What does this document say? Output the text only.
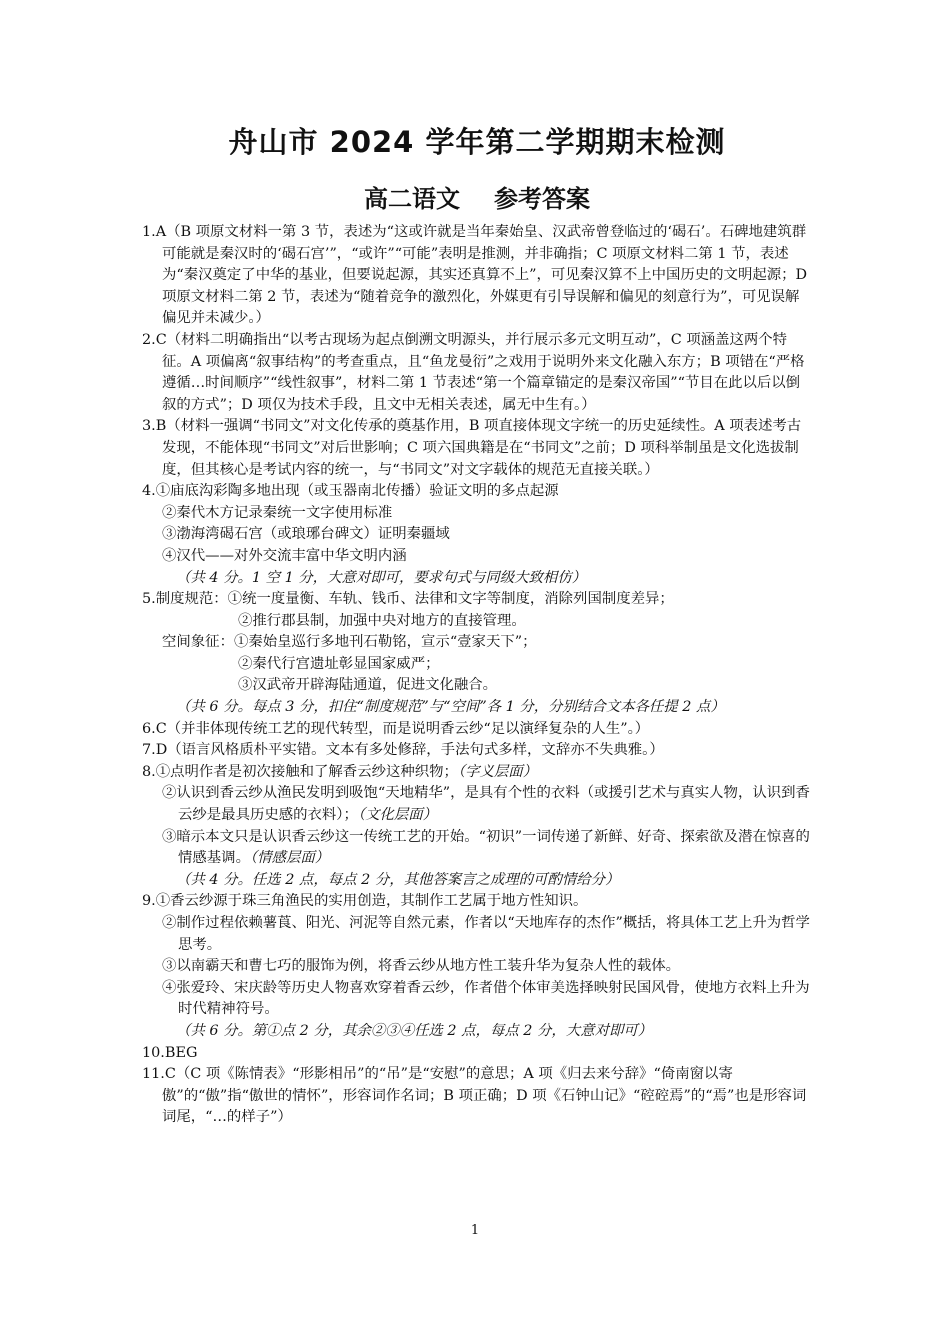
舟山市 2024 学年第二学期期末检测
高二语文 参考答案

1.A（B 项原文材料一第 3 节，表述为“这或许就是当年秦始皇、汉武帝曾登临过的‘碣石’。石碑地建筑群可能就是秦汉时的‘碣石宫’”，“或许”“可能”表明是推测，并非确指；C 项原文材料二第 1 节，表述为“秦汉奠定了中华的基业，但要说起源，其实还真算不上”，可见秦汉算不上中国历史的文明起源；D 项原文材料二第 2 节，表述为“随着竞争的激烈化，外媒更有引导误解和偏见的刻意行为”，可见误解偏见并未减少。）

2.C（材料二明确指出“以考古现场为起点倒溯文明源头，并行展示多元文明互动”，C 项涵盖这两个特征。A 项偏离“叙事结构”的考查重点，且“鱼龙曼衍”之戏用于说明外来文化融入东方；B 项错在“严格遵循…时间顺序”“线性叙事”，材料二第 1 节表述“第一个篇章锚定的是秦汉帝国”“节目在此以后以倒叙的方式”；D 项仅为技术手段，且文中无相关表述，属无中生有。）

3.B（材料一强调“书同文”对文化传承的奠基作用，B 项直接体现文字统一的历史延续性。A 项表述考古发现，不能体现“书同文”对后世影响；C 项六国典籍是在“书同文”之前；D 项科举制虽是文化选拔制度，但其核心是考试内容的统一，与“书同文”对文字载体的规范无直接关联。）

4.①庙底沟彩陶多地出现（或玉器南北传播）验证文明的多点起源

②秦代木方记录秦统一文字使用标准

③渤海湾碣石宫（或琅琊台碑文）证明秦疆域

④汉代——对外交流丰富中华文明内涵

（共 4 分。1 空 1 分，大意对即可，要求句式与同级大致相仿）

5.制度规范：①统一度量衡、车轨、钱币、法律和文字等制度，消除列国制度差异；

②推行郡县制，加强中央对地方的直接管理。

空间象征：①秦始皇巡行多地刊石勒铭，宣示“壹家天下”；

②秦代行宫遗址彰显国家威严；

③汉武帝开辟海陆通道，促进文化融合。

（共 6 分。每点 3 分，扣住“制度规范”与“空间”各 1 分，分别结合文本各任提 2 点）

6.C（并非体现传统工艺的现代转型，而是说明香云纱“足以演绎复杂的人生”。）

7.D（语言风格质朴平实错。文本有多处修辞，手法句式多样，文辞亦不失典雅。）

8.①点明作者是初次接触和了解香云纱这种织物；（字义层面）

②认识到香云纱从渔民发明到吸饱“天地精华”，是具有个性的衣料（或援引艺术与真实人物，认识到香云纱是最具历史感的衣料）；（文化层面）

③暗示本文只是认识香云纱这一传统工艺的开始。“初识”一词传递了新鲜、好奇、探索欲及潜在惊喜的情感基调。（情感层面）

（共 4 分。任选 2 点，每点 2 分，其他答案言之成理的可酌情给分）

9.①香云纱源于珠三角渔民的实用创造，其制作工艺属于地方性知识。

②制作过程依赖薯莨、阳光、河泥等自然元素，作者以“天地库存的杰作”概括，将具体工艺上升为哲学思考。

③以南霸天和曹七巧的服饰为例，将香云纱从地方性工装升华为复杂人性的载体。

④张爱玲、宋庆龄等历史人物喜欢穿着香云纱，作者借个体审美选择映射民国风骨，使地方衣料上升为时代精神符号。

（共 6 分。第①点 2 分，其余②③④任选 2 点，每点 2 分，大意对即可）

10.BEG

11.C（C 项《陈情表》“形影相吊”的“吊”是“安慰”的意思；A 项《归去来兮辞》“倚南窗以寄傲”的“傲”指“傲世的情怀”，形容词作名词；B 项正确；D 项《石钟山记》“硿硿焉”的“焉”也是形容词词尾，“…的样子”）

1
